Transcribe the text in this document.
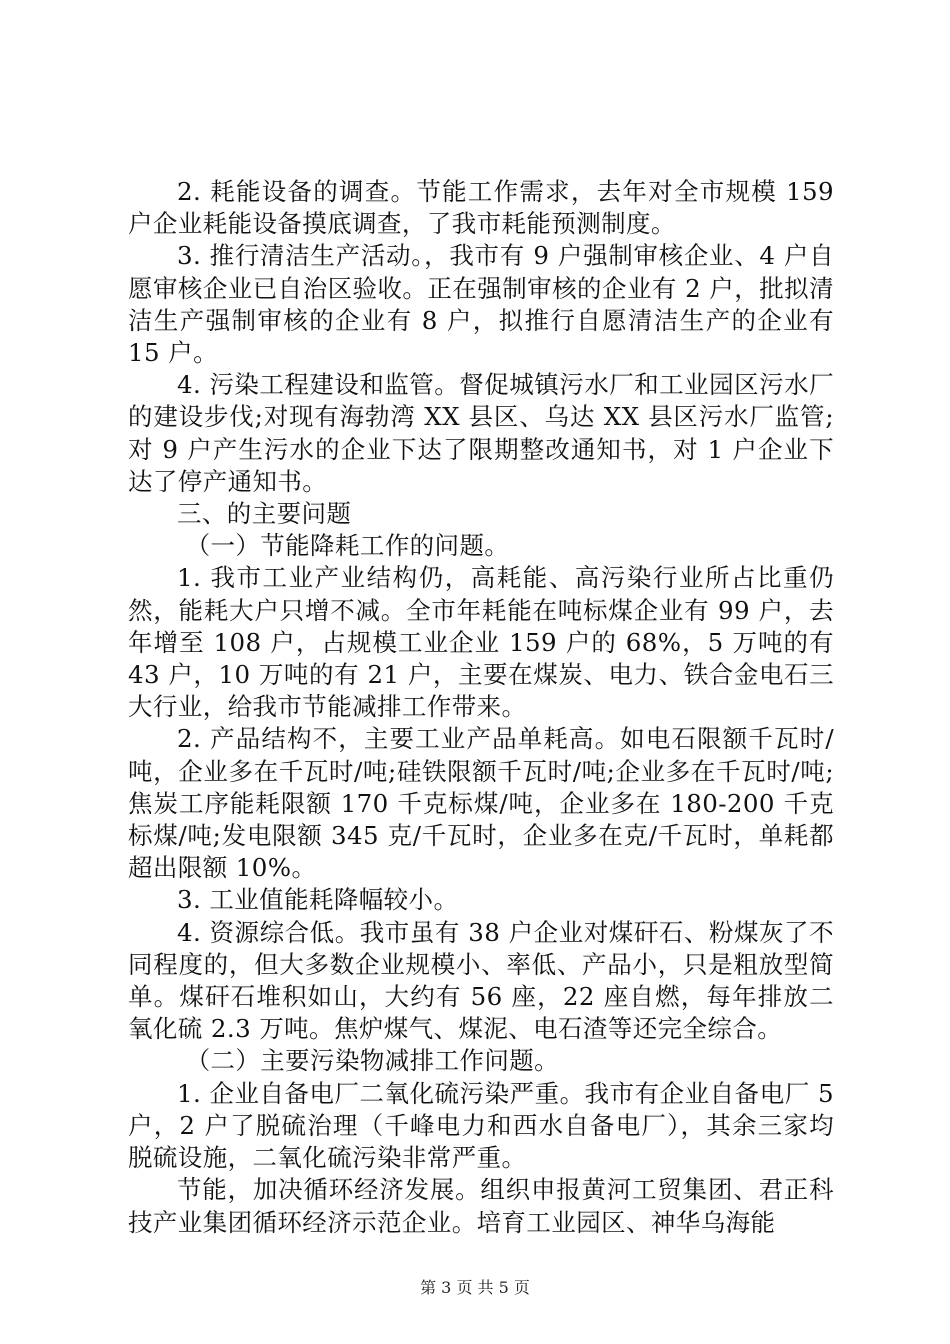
2. 耗能设备的调查。节能工作需求，去年对全市规模 159 户企业耗能设备摸底调查，了我市耗能预测制度。

3. 推行清洁生产活动。，我市有 9 户强制审核企业、4 户自愿审核企业已自治区验收。正在强制审核的企业有 2 户，批拟清洁生产强制审核的企业有 8 户，拟推行自愿清洁生产的企业有 15 户。

4. 污染工程建设和监管。督促城镇污水厂和工业园区污水厂的建设步伐;对现有海勃湾 XX 县区、乌达 XX 县区污水厂监管;对 9 户产生污水的企业下达了限期整改通知书，对 1 户企业下达了停产通知书。

三、的主要问题

（一）节能降耗工作的问题。

1. 我市工业产业结构仍，高耗能、高污染行业所占比重仍然，能耗大户只增不减。全市年耗能在吨标煤企业有 99 户，去年增至 108 户，占规模工业企业 159 户的 68%，5 万吨的有 43 户，10 万吨的有 21 户，主要在煤炭、电力、铁合金电石三大行业，给我市节能减排工作带来。

2. 产品结构不，主要工业产品单耗高。如电石限额千瓦时/吨，企业多在千瓦时/吨;硅铁限额千瓦时/吨;企业多在千瓦时/吨;焦炭工序能耗限额 170 千克标煤/吨，企业多在 180-200 千克标煤/吨;发电限额 345 克/千瓦时，企业多在克/千瓦时，单耗都超出限额 10%。

3. 工业值能耗降幅较小。

4. 资源综合低。我市虽有 38 户企业对煤矸石、粉煤灰了不同程度的，但大多数企业规模小、率低、产品小，只是粗放型简单。煤矸石堆积如山，大约有 56 座，22 座自燃，每年排放二氧化硫 2.3 万吨。焦炉煤气、煤泥、电石渣等还完全综合。

（二）主要污染物减排工作问题。

1. 企业自备电厂二氧化硫污染严重。我市有企业自备电厂 5 户，2 户了脱硫治理（千峰电力和西水自备电厂），其余三家均脱硫设施，二氧化硫污染非常严重。

节能，加决循环经济发展。组织申报黄河工贸集团、君正科技产业集团循环经济示范企业。培育工业园区、神华乌海能

第 3 页 共 5 页
